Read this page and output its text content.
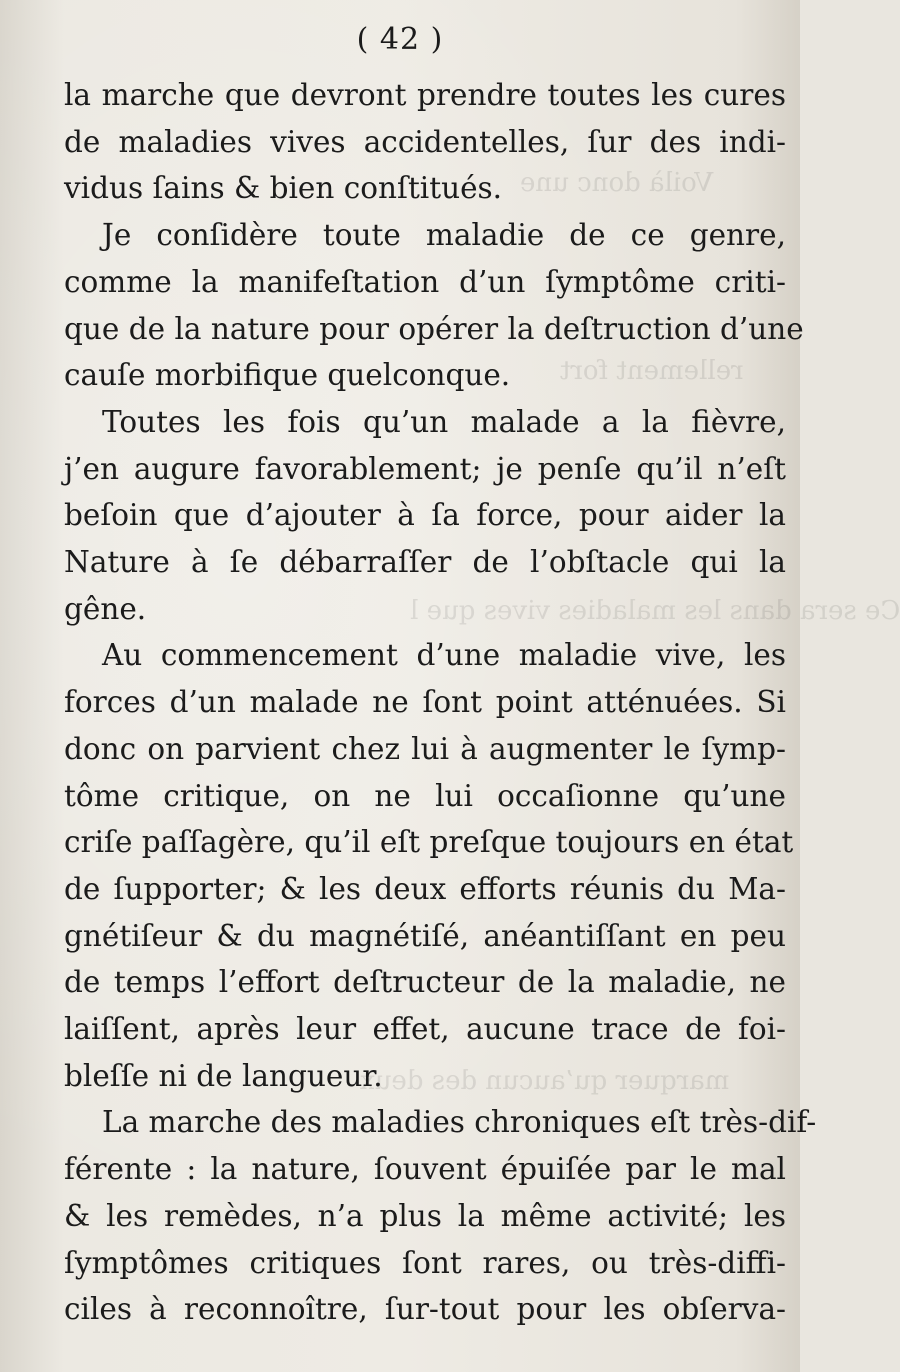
Voilà donc une
rellement fort
Ce sera dans les maladies vives que l
marquer qu’aucun des deux
( 42 )
la marche que devront prendre toutes les cures
de maladies vives accidentelles, ſur des indi-
vidus ſains & bien conſtitués.
Je conſidère toute maladie de ce genre,
comme la manifeſtation d’un ſymptôme criti-
que de la nature pour opérer la deſtruction d’une
cauſe morbifique quelconque.
Toutes les fois qu’un malade a la fièvre,
j’en augure favorablement; je penſe qu’il n’eſt
beſoin que d’ajouter à ſa force, pour aider la
Nature à ſe débarraſſer de l’obſtacle qui la
gêne.
Au commencement d’une maladie vive, les
forces d’un malade ne ſont point atténuées. Si
donc on parvient chez lui à augmenter le ſymp-
tôme critique, on ne lui occaſionne qu’une
criſe paſſagère, qu’il eſt preſque toujours en état
de ſupporter; & les deux efforts réunis du Ma-
gnétiſeur & du magnétiſé, anéantiſſant en peu
de temps l’effort deſtructeur de la maladie, ne
laiſſent, après leur effet, aucune trace de foi-
bleſſe ni de langueur.
La marche des maladies chroniques eſt très-dif-
férente : la nature, ſouvent épuiſée par le mal
& les remèdes, n’a plus la même activité; les
ſymptômes critiques ſont rares, ou très-diffi-
ciles à reconnoître, ſur-tout pour les obſerva-
